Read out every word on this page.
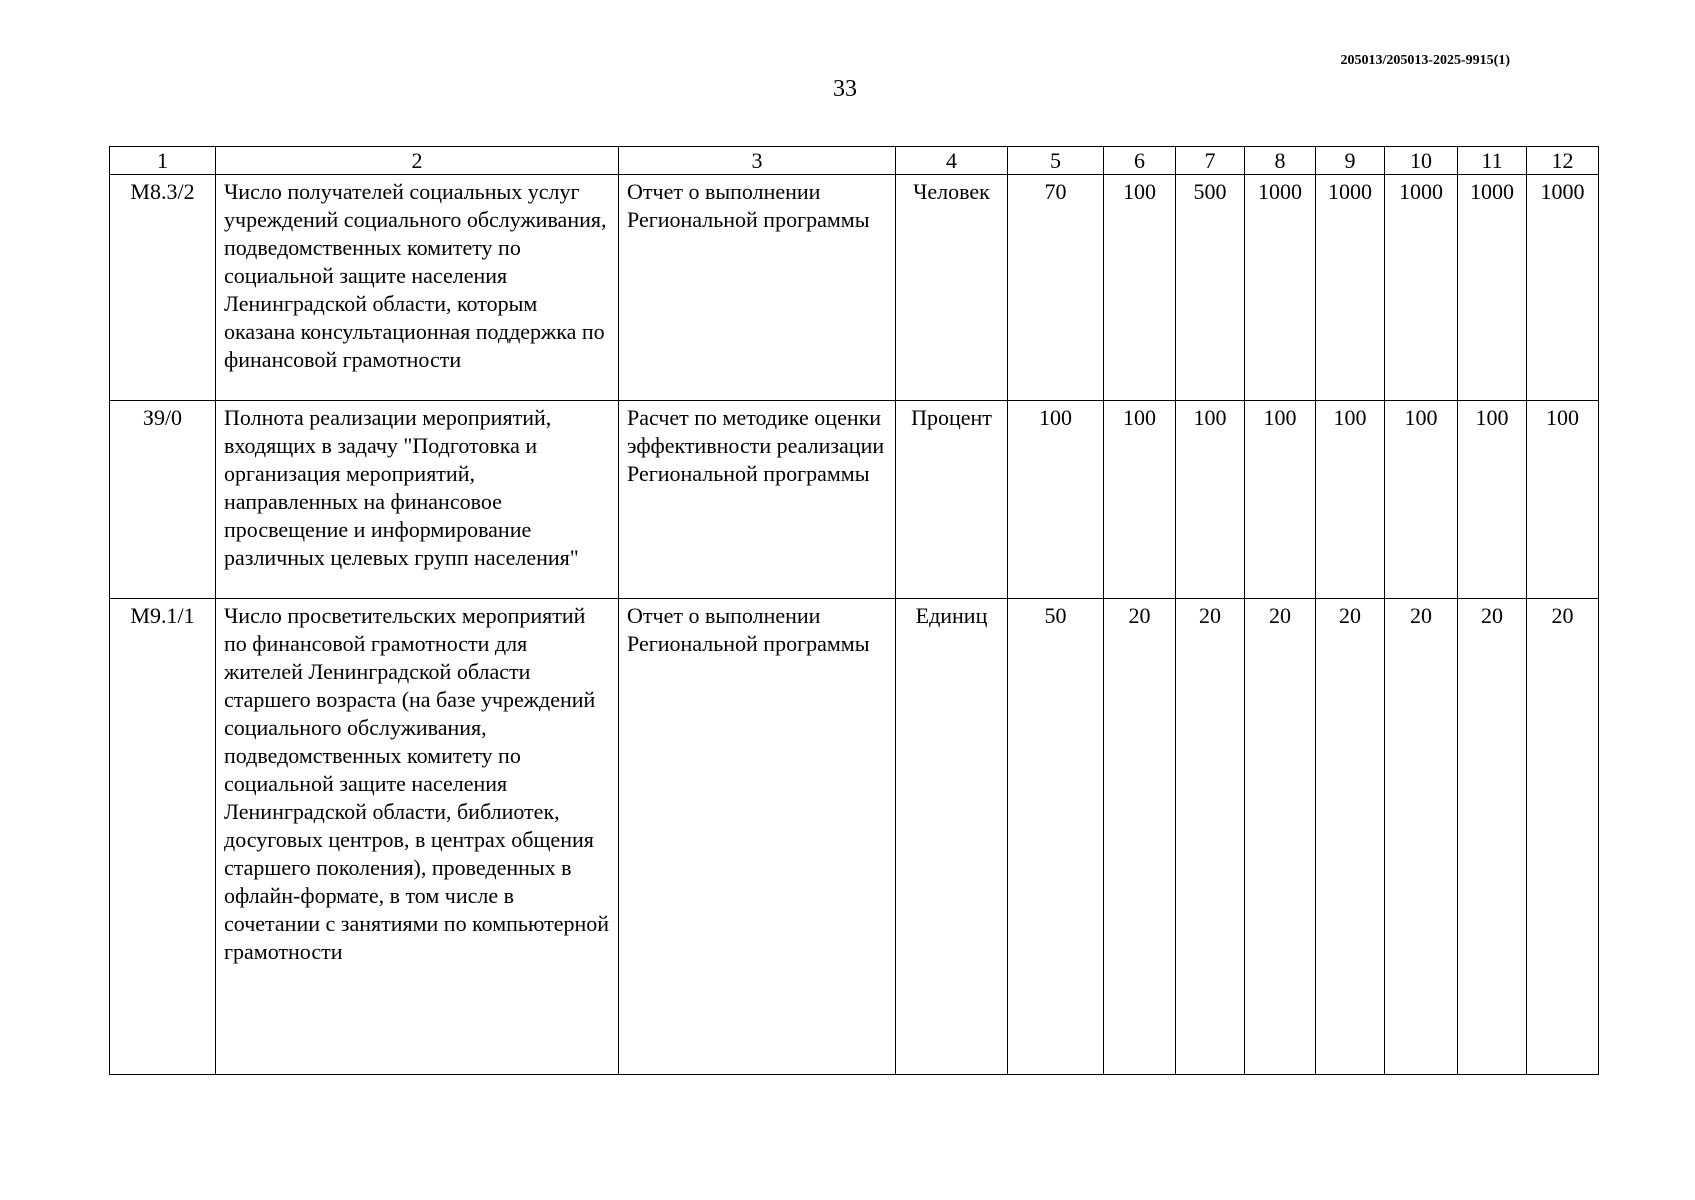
205013/205013-2025-9915(1)
33
1	2	3	4	5	6	7	8	9	10	11	12
М8.3/2	Число получателей социальных услуг учреждений социального обслуживания, подведомственных комитету по социальной защите населения Ленинградской области, которым оказана консультационная поддержка по финансовой грамотности	Отчет о выполнении Региональной программы	Человек	70	100	500	1000	1000	1000	1000	1000
З9/0	Полнота реализации мероприятий, входящих в задачу "Подготовка и организация мероприятий, направленных на финансовое просвещение и информирование различных целевых групп населения"	Расчет по методике оценки эффективности реализации Региональной программы	Процент	100	100	100	100	100	100	100	100
М9.1/1	Число просветительских мероприятий по финансовой грамотности для жителей Ленинградской области старшего возраста (на базе учреждений социального обслуживания, подведомственных комитету по социальной защите населения Ленинградской области, библиотек, досуговых центров, в центрах общения старшего поколения), проведенных в офлайн-формате, в том числе в сочетании с занятиями по компьютерной грамотности	Отчет о выполнении Региональной программы	Единиц	50	20	20	20	20	20	20	20
